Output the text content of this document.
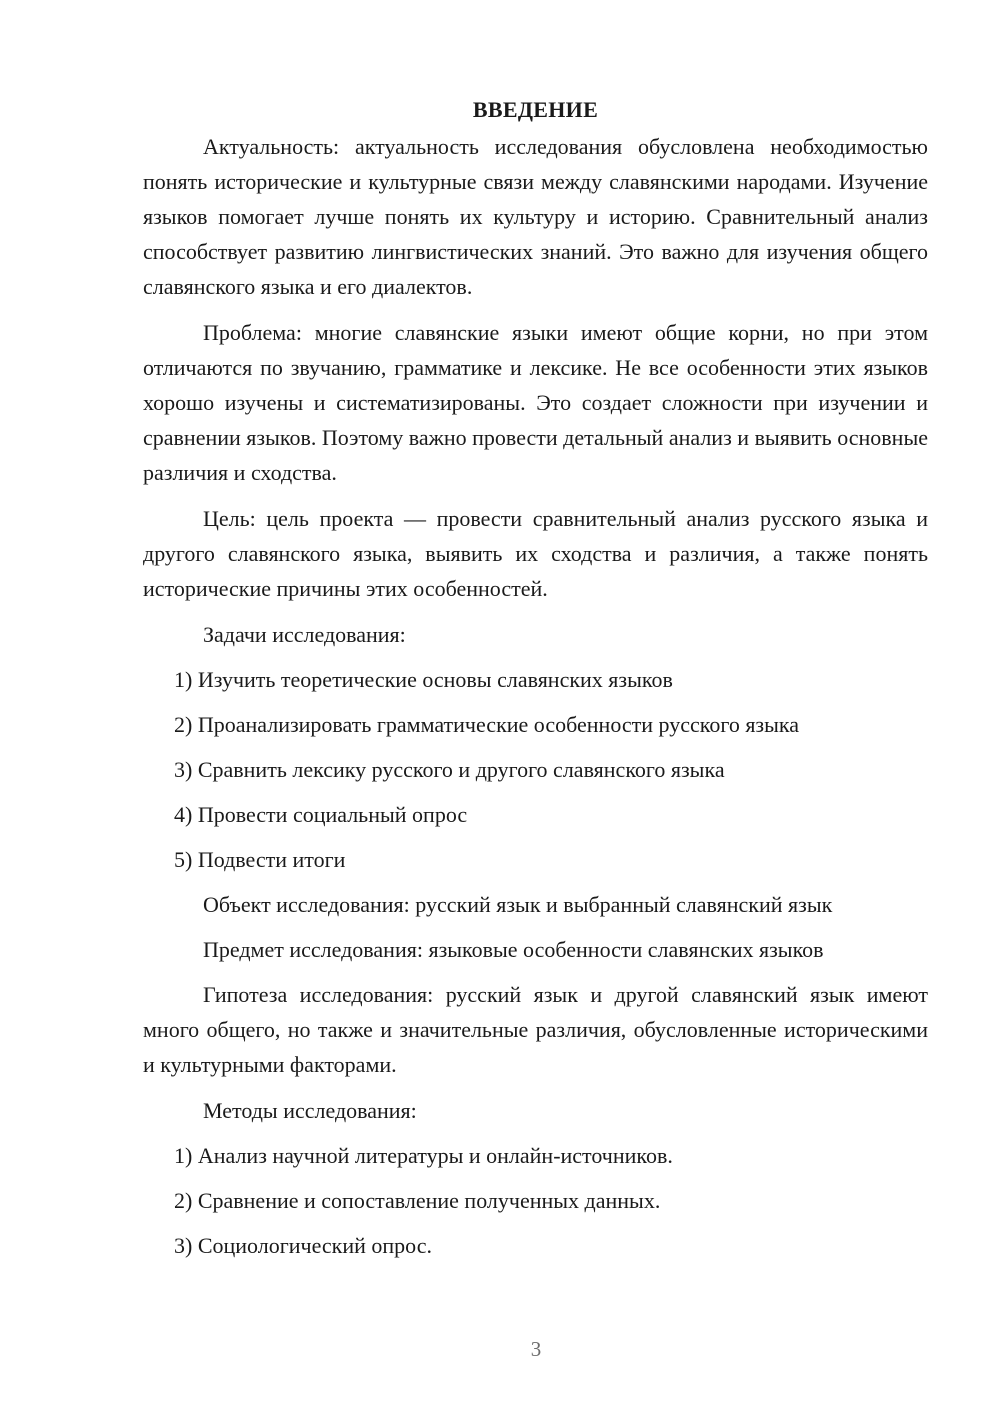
ВВЕДЕНИЕ
Актуальность: актуальность исследования обусловлена необходимостью понять исторические и культурные связи между славянскими народами. Изучение языков помогает лучше понять их культуру и историю. Сравнительный анализ способствует развитию лингвистических знаний. Это важно для изучения общего славянского языка и его диалектов.
Проблема: многие славянские языки имеют общие корни, но при этом отличаются по звучанию, грамматике и лексике. Не все особенности этих языков хорошо изучены и систематизированы. Это создает сложности при изучении и сравнении языков. Поэтому важно провести детальный анализ и выявить основные различия и сходства.
Цель: цель проекта — провести сравнительный анализ русского языка и другого славянского языка, выявить их сходства и различия, а также понять исторические причины этих особенностей.
Задачи исследования:
1) Изучить теоретические основы славянских языков
2) Проанализировать грамматические особенности русского языка
3) Сравнить лексику русского и другого славянского языка
4) Провести социальный опрос
5) Подвести итоги
Объект исследования: русский язык и выбранный славянский язык
Предмет исследования: языковые особенности славянских языков
Гипотеза исследования: русский язык и другой славянский язык имеют много общего, но также и значительные различия, обусловленные историческими и культурными факторами.
Методы исследования:
1) Анализ научной литературы и онлайн-источников.
2) Сравнение и сопоставление полученных данных.
3) Социологический опрос.
3
